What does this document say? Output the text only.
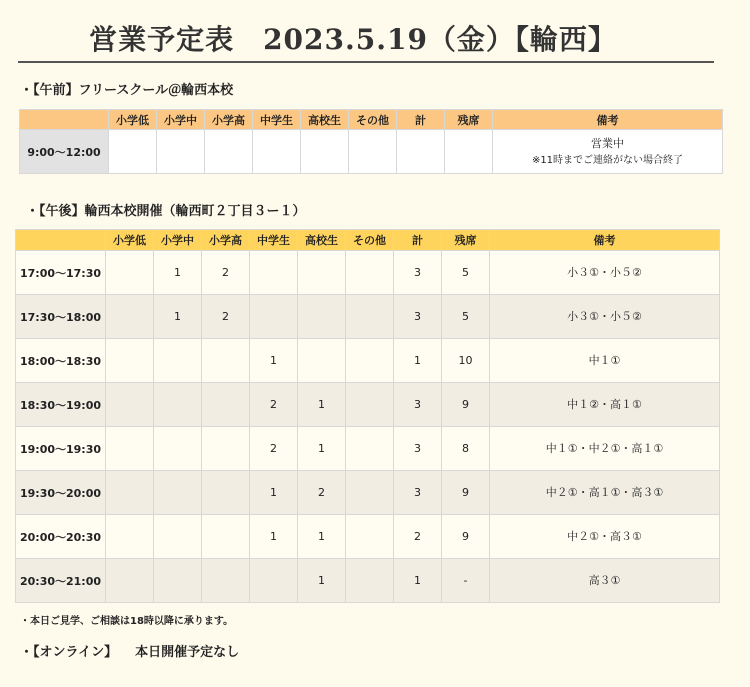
営業予定表　2023.5.19（金）【輪西】
・【午前】フリースクール＠輪西本校
	小学低	小学中	小学高	中学生	高校生	その他	計	残席	備考
9:00〜12:00									営業中
※11時までご連絡がない場合終了
・【午後】輪西本校開催（輪西町２丁目３ー１）
	小学低	小学中	小学高	中学生	高校生	その他	計	残席	備考
17:00〜17:30		1	2				3	5	小３①・小５②

17:30〜18:00		1	2				3	5	小３①・小５②

18:00〜18:30				1			1	10	中１①

18:30〜19:00				2	1		3	9	中１②・高１①

19:00〜19:30				2	1		3	8	中１①・中２①・高１①

19:30〜20:00				1	2		3	9	中２①・高１①・高３①

20:00〜20:30				1	1		2	9	中２①・高３①

20:30〜21:00					1		1	-	高３①
・本日ご見学、ご相談は18時以降に承ります。
・【オンライン】 本日開催予定なし
